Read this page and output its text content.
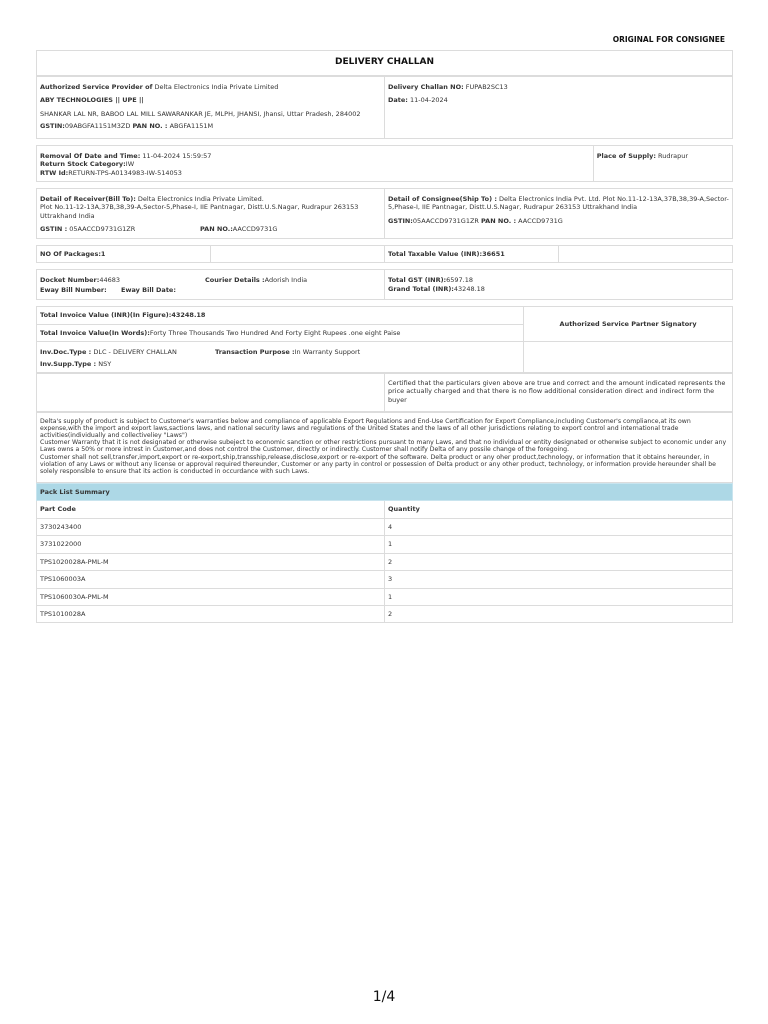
ORIGINAL FOR CONSIGNEE
DELIVERY CHALLAN
Authorized Service Provider of Delta Electronics India Private Limited
ABY TECHNOLOGIES || UPE ||
SHANKAR LAL NR, BABOO LAL MILL SAWARANKAR JE, MLPH, JHANSI, Jhansi, Uttar Pradesh, 284002
GSTIN:09ABGFA1151M3ZD PAN NO. : ABGFA1151M

Delivery Challan NO: FUPAB2SC13
Date: 11-04-2024
Removal Of Date and Time: 11-04-2024 15:59:57
Return Stock Category:IW
RTW Id:RETURN-TPS-A0134983-IW-514053
	Place of Supply: Rudrapur
Detail of Receiver(Bill To): Delta Electronics India Private Limited.
Plot No.11-12-13A,37B,38,39-A,Sector-5,Phase-I, IIE Pantnagar, Distt.U.S.Nagar, Rudrapur 263153 Uttrakhand India
GSTIN : 05AACCD9731G1ZR	PAN NO.:AACCD9731G

Detail of Consignee(Ship To) : Delta Electronics India Pvt. Ltd. Plot No.11-12-13A,37B,38,39-A,Sector-5,Phase-I, IIE Pantnagar, Distt.U.S.Nagar, Rudrapur 263153 Uttrakhand India
GSTIN:05AACCD9731G1ZR PAN NO. : AACCD9731G
NO Of Packages:1		Total Taxable Value (INR):36651	
Docket Number:44683	Courier Details :Adorish India
Eway Bill Number:	Eway Bill Date:

Total GST (INR):6597.18
Grand Total (INR):43248.18
Total Invoice Value (INR)(In Figure):43248.18	Authorized Service Partner Signatory
Total Invoice Value(In Words):Forty Three Thousands Two Hundred And Forty Eight Rupees .one eight Paise	

Inv.Doc.Type : DLC - DELIVERY CHALLAN Transaction Purpose :In Warranty Support
Inv.Supp.Type : NSY	

	Certified that the particulars given above are true and correct and the amount indicated represents the price actually charged and that there is no flow additional consideration direct and indirect form the buyer
Delta's supply of product is subject to Customer's warranties below and compliance of applicable Export Regulations and End-Use Certification for Export Compliance,including Customer's compliance,at its own expense,with the import and export laws,sactions laws, and national security laws and regulations of the United States and the laws of all other jurisdictions relating to export control and international trade activities(individually and collectiveliey "Laws")
Customer Warranty that it is not designated or otherwise subeject to economic sanction or other restrictions pursuant to many Laws, and that no individual or entity designated or otherwise subject to economic under any Laws owns a 50% or more intrest in Customer,and does not control the Customer, directly or indirectly. Customer shall notify Delta of any possile change of the foregoing.
Customer shall not sell,transfer,import,export or re-export,ship,transship,release,disclose,export or re-export of the software. Delta product or any oher product,technology, or information that it obtains hereunder, in violation of any Laws or without any license or approval required thereunder, Customer or any party in control or possession of Delta product or any other product, technology, or information provide hereunder shall be solely responsible to ensure that its action is conducted in occurdance with such Laws.
Pack List Summary	
Part Code	Quantity
3730243400	4
3731022000	1
TPS1020028A-PML-M	2
TPS1060003A	3
TPS1060030A-PML-M	1
TPS1010028A	2
1/4
